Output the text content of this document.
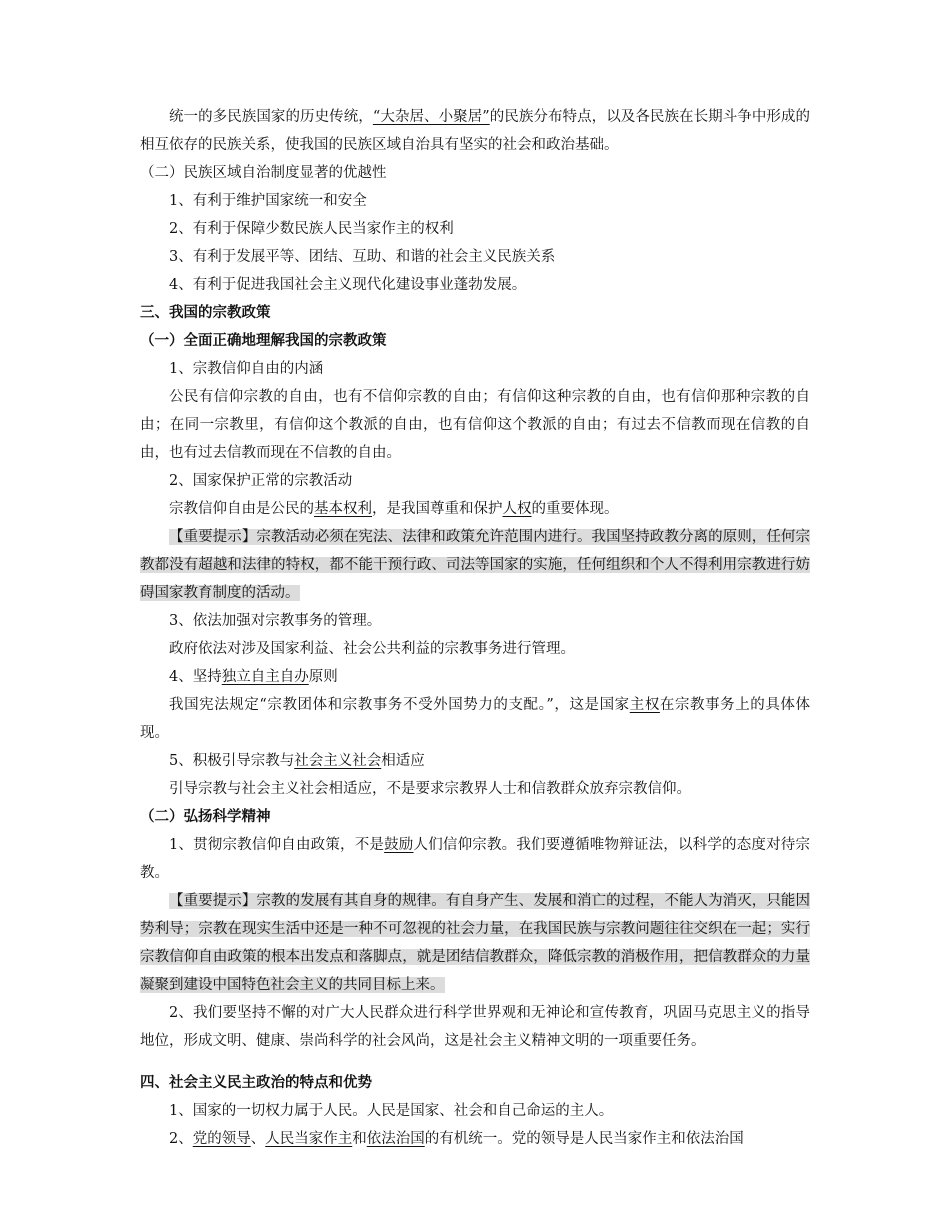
统一的多民族国家的历史传统，“大杂居、小聚居”的民族分布特点，以及各民族在长期斗争中形成的相互依存的民族关系，使我国的民族区域自治具有坚实的社会和政治基础。

（二）民族区域自治制度显著的优越性

1、有利于维护国家统一和安全

2、有利于保障少数民族人民当家作主的权利

3、有利于发展平等、团结、互助、和谐的社会主义民族关系

4、有利于促进我国社会主义现代化建设事业蓬勃发展。

三、我国的宗教政策

（一）全面正确地理解我国的宗教政策

1、宗教信仰自由的内涵

公民有信仰宗教的自由，也有不信仰宗教的自由；有信仰这种宗教的自由，也有信仰那种宗教的自由；在同一宗教里，有信仰这个教派的自由，也有信仰这个教派的自由；有过去不信教而现在信教的自由，也有过去信教而现在不信教的自由。

2、国家保护正常的宗教活动

宗教信仰自由是公民的基本权利，是我国尊重和保护人权的重要体现。

【重要提示】宗教活动必须在宪法、法律和政策允许范围内进行。我国坚持政教分离的原则，任何宗教都没有超越和法律的特权，都不能干预行政、司法等国家的实施，任何组织和个人不得利用宗教进行妨碍国家教育制度的活动。

3、依法加强对宗教事务的管理。

政府依法对涉及国家利益、社会公共利益的宗教事务进行管理。

4、坚持独立自主自办原则

我国宪法规定“宗教团体和宗教事务不受外国势力的支配。”，这是国家主权在宗教事务上的具体体现。

5、积极引导宗教与社会主义社会相适应

引导宗教与社会主义社会相适应，不是要求宗教界人士和信教群众放弃宗教信仰。

（二）弘扬科学精神

1、贯彻宗教信仰自由政策，不是鼓励人们信仰宗教。我们要遵循唯物辩证法，以科学的态度对待宗教。

【重要提示】宗教的发展有其自身的规律。有自身产生、发展和消亡的过程，不能人为消灭，只能因势利导；宗教在现实生活中还是一种不可忽视的社会力量，在我国民族与宗教问题往往交织在一起；实行宗教信仰自由政策的根本出发点和落脚点，就是团结信教群众，降低宗教的消极作用，把信教群众的力量凝聚到建设中国特色社会主义的共同目标上来。

2、我们要坚持不懈的对广大人民群众进行科学世界观和无神论和宣传教育，巩固马克思主义的指导地位，形成文明、健康、崇尚科学的社会风尚，这是社会主义精神文明的一项重要任务。

四、社会主义民主政治的特点和优势

1、国家的一切权力属于人民。人民是国家、社会和自己命运的主人。

2、党的领导、人民当家作主和依法治国的有机统一。党的领导是人民当家作主和依法治国
